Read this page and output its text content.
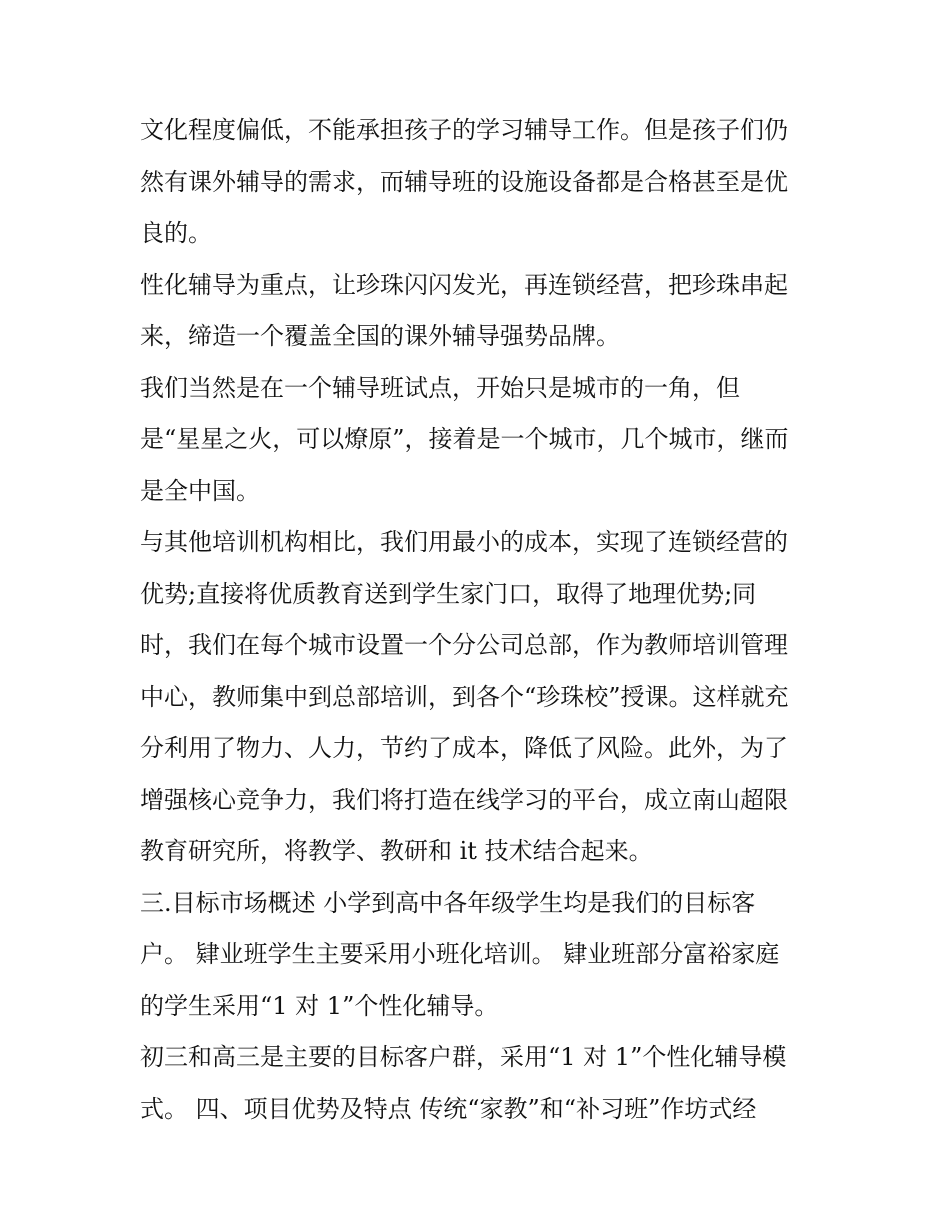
文化程度偏低，不能承担孩子的学习辅导工作。但是孩子们仍
然有课外辅导的需求，而辅导班的设施设备都是合格甚至是优
良的。

性化辅导为重点，让珍珠闪闪发光，再连锁经营，把珍珠串起
来，缔造一个覆盖全国的课外辅导强势品牌。

我们当然是在一个辅导班试点，开始只是城市的一角，但
是“星星之火，可以燎原”，接着是一个城市，几个城市，继而
是全中国。

与其他培训机构相比，我们用最小的成本，实现了连锁经营的
优势;直接将优质教育送到学生家门口，取得了地理优势;同
时，我们在每个城市设置一个分公司总部，作为教师培训管理
中心，教师集中到总部培训，到各个“珍珠校”授课。这样就充
分利用了物力、人力，节约了成本，降低了风险。此外，为了
增强核心竞争力，我们将打造在线学习的平台，成立南山超限
教育研究所，将教学、教研和 it 技术结合起来。

三.目标市场概述 小学到高中各年级学生均是我们的目标客
户。 肄业班学生主要采用小班化培训。 肄业班部分富裕家庭
的学生采用“1 对 1”个性化辅导。

初三和高三是主要的目标客户群，采用“1 对 1”个性化辅导模
式。 四、项目优势及特点 传统“家教”和“补习班”作坊式经
